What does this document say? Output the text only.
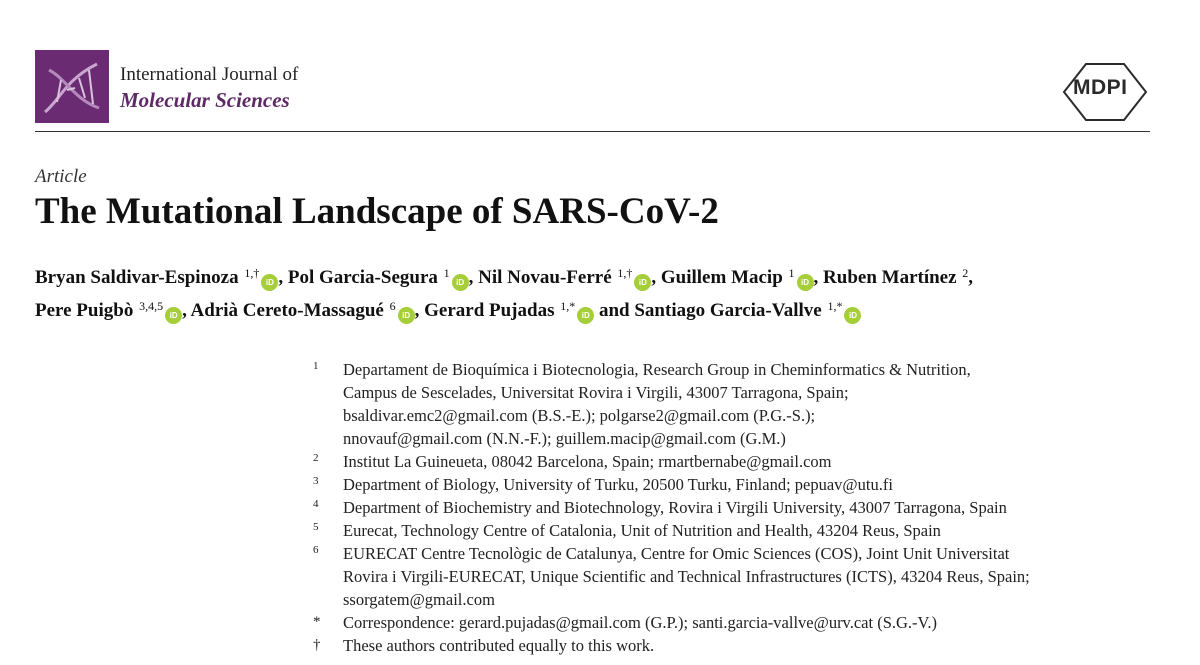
International Journal of
Molecular Sciences
MDPI
Article
The Mutational Landscape of SARS-CoV-2
Bryan Saldivar-Espinoza $^{1,\dagger}$iD , Pol Garcia-Segura $^1$iD , Nil Novau-Ferré $^{1,\dagger}$iD , Guillem Macip $^1$iD , Ruben Martínez $^2$,
Pere Puigbò $^{3,4,5}$iD , Adrià Cereto-Massagué $^6$iD , Gerard Pujadas $^{1,*}$iD and Santiago Garcia-Vallve $^{1,*}$iD
1 Departament de Bioquímica i Biotecnologia, Research Group in Cheminformatics & Nutrition,
Campus de Sescelades, Universitat Rovira i Virgili, 43007 Tarragona, Spain;
bsaldivar.emc2@gmail.com (B.S.-E.); polgarse2@gmail.com (P.G.-S.);
nnovauf@gmail.com (N.N.-F.); guillem.macip@gmail.com (G.M.)
2 Institut La Guineueta, 08042 Barcelona, Spain; rmartbernabe@gmail.com
3 Department of Biology, University of Turku, 20500 Turku, Finland; pepuav@utu.fi
4 Department of Biochemistry and Biotechnology, Rovira i Virgili University, 43007 Tarragona, Spain
5 Eurecat, Technology Centre of Catalonia, Unit of Nutrition and Health, 43204 Reus, Spain
6 EURECAT Centre Tecnològic de Catalunya, Centre for Omic Sciences (COS), Joint Unit Universitat
Rovira i Virgili-EURECAT, Unique Scientific and Technical Infrastructures (ICTS), 43204 Reus, Spain;
ssorgatem@gmail.com
* Correspondence: gerard.pujadas@gmail.com (G.P.); santi.garcia-vallve@urv.cat (S.G.-V.)
† These authors contributed equally to this work.
